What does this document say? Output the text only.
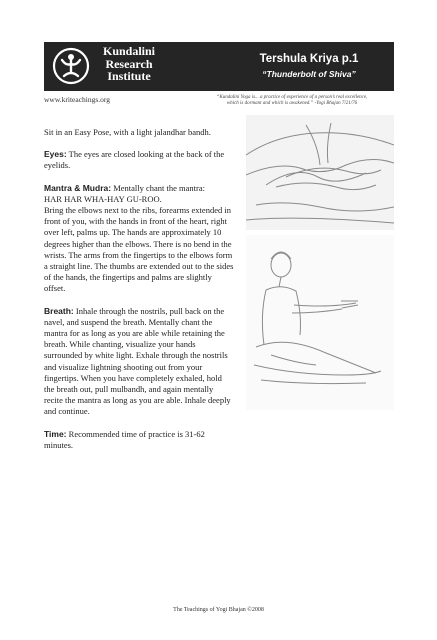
Kundalini
Research
Institute
Tershula Kriya p.1
“Thunderbolt of Shiva”
www.kriteachings.org	“Kundalini Yoga is... a practice of experience of a person’s real excellence,
which is dormant and which is awakened.” -Yogi Bhajan 7/21/76

Sit in an Easy Pose, with a light jalandhar bandh.

Eyes: The eyes are closed looking at the back of the eyelids.

Mantra & Mudra: Mentally chant the mantra:
HAR HAR WHA-HAY GU-ROO.
Bring the elbows next to the ribs, forearms extended in front of you, with the hands in front of the heart, right over left, palms up. The hands are approximately 10 degrees higher than the elbows. There is no bend in the wrists. The arms from the fingertips to the elbows form a straight line. The thumbs are extended out to the sides of the hands, the fingertips and palms are slightly offset.

Breath: Inhale through the nostrils, pull back on the navel, and suspend the breath. Mentally chant the mantra for as long as you are able while retaining the breath. While chanting, visualize your hands surrounded by white light. Exhale through the nostrils and visualize lightning shooting out from your fingertips. When you have completely exhaled, hold the breath out, pull mulbandh, and again mentally recite the mantra as long as you are able. Inhale deeply and continue.

Time: Recommended time of practice is 31-62 minutes.

The Teachings of Yogi Bhajan ©2008
